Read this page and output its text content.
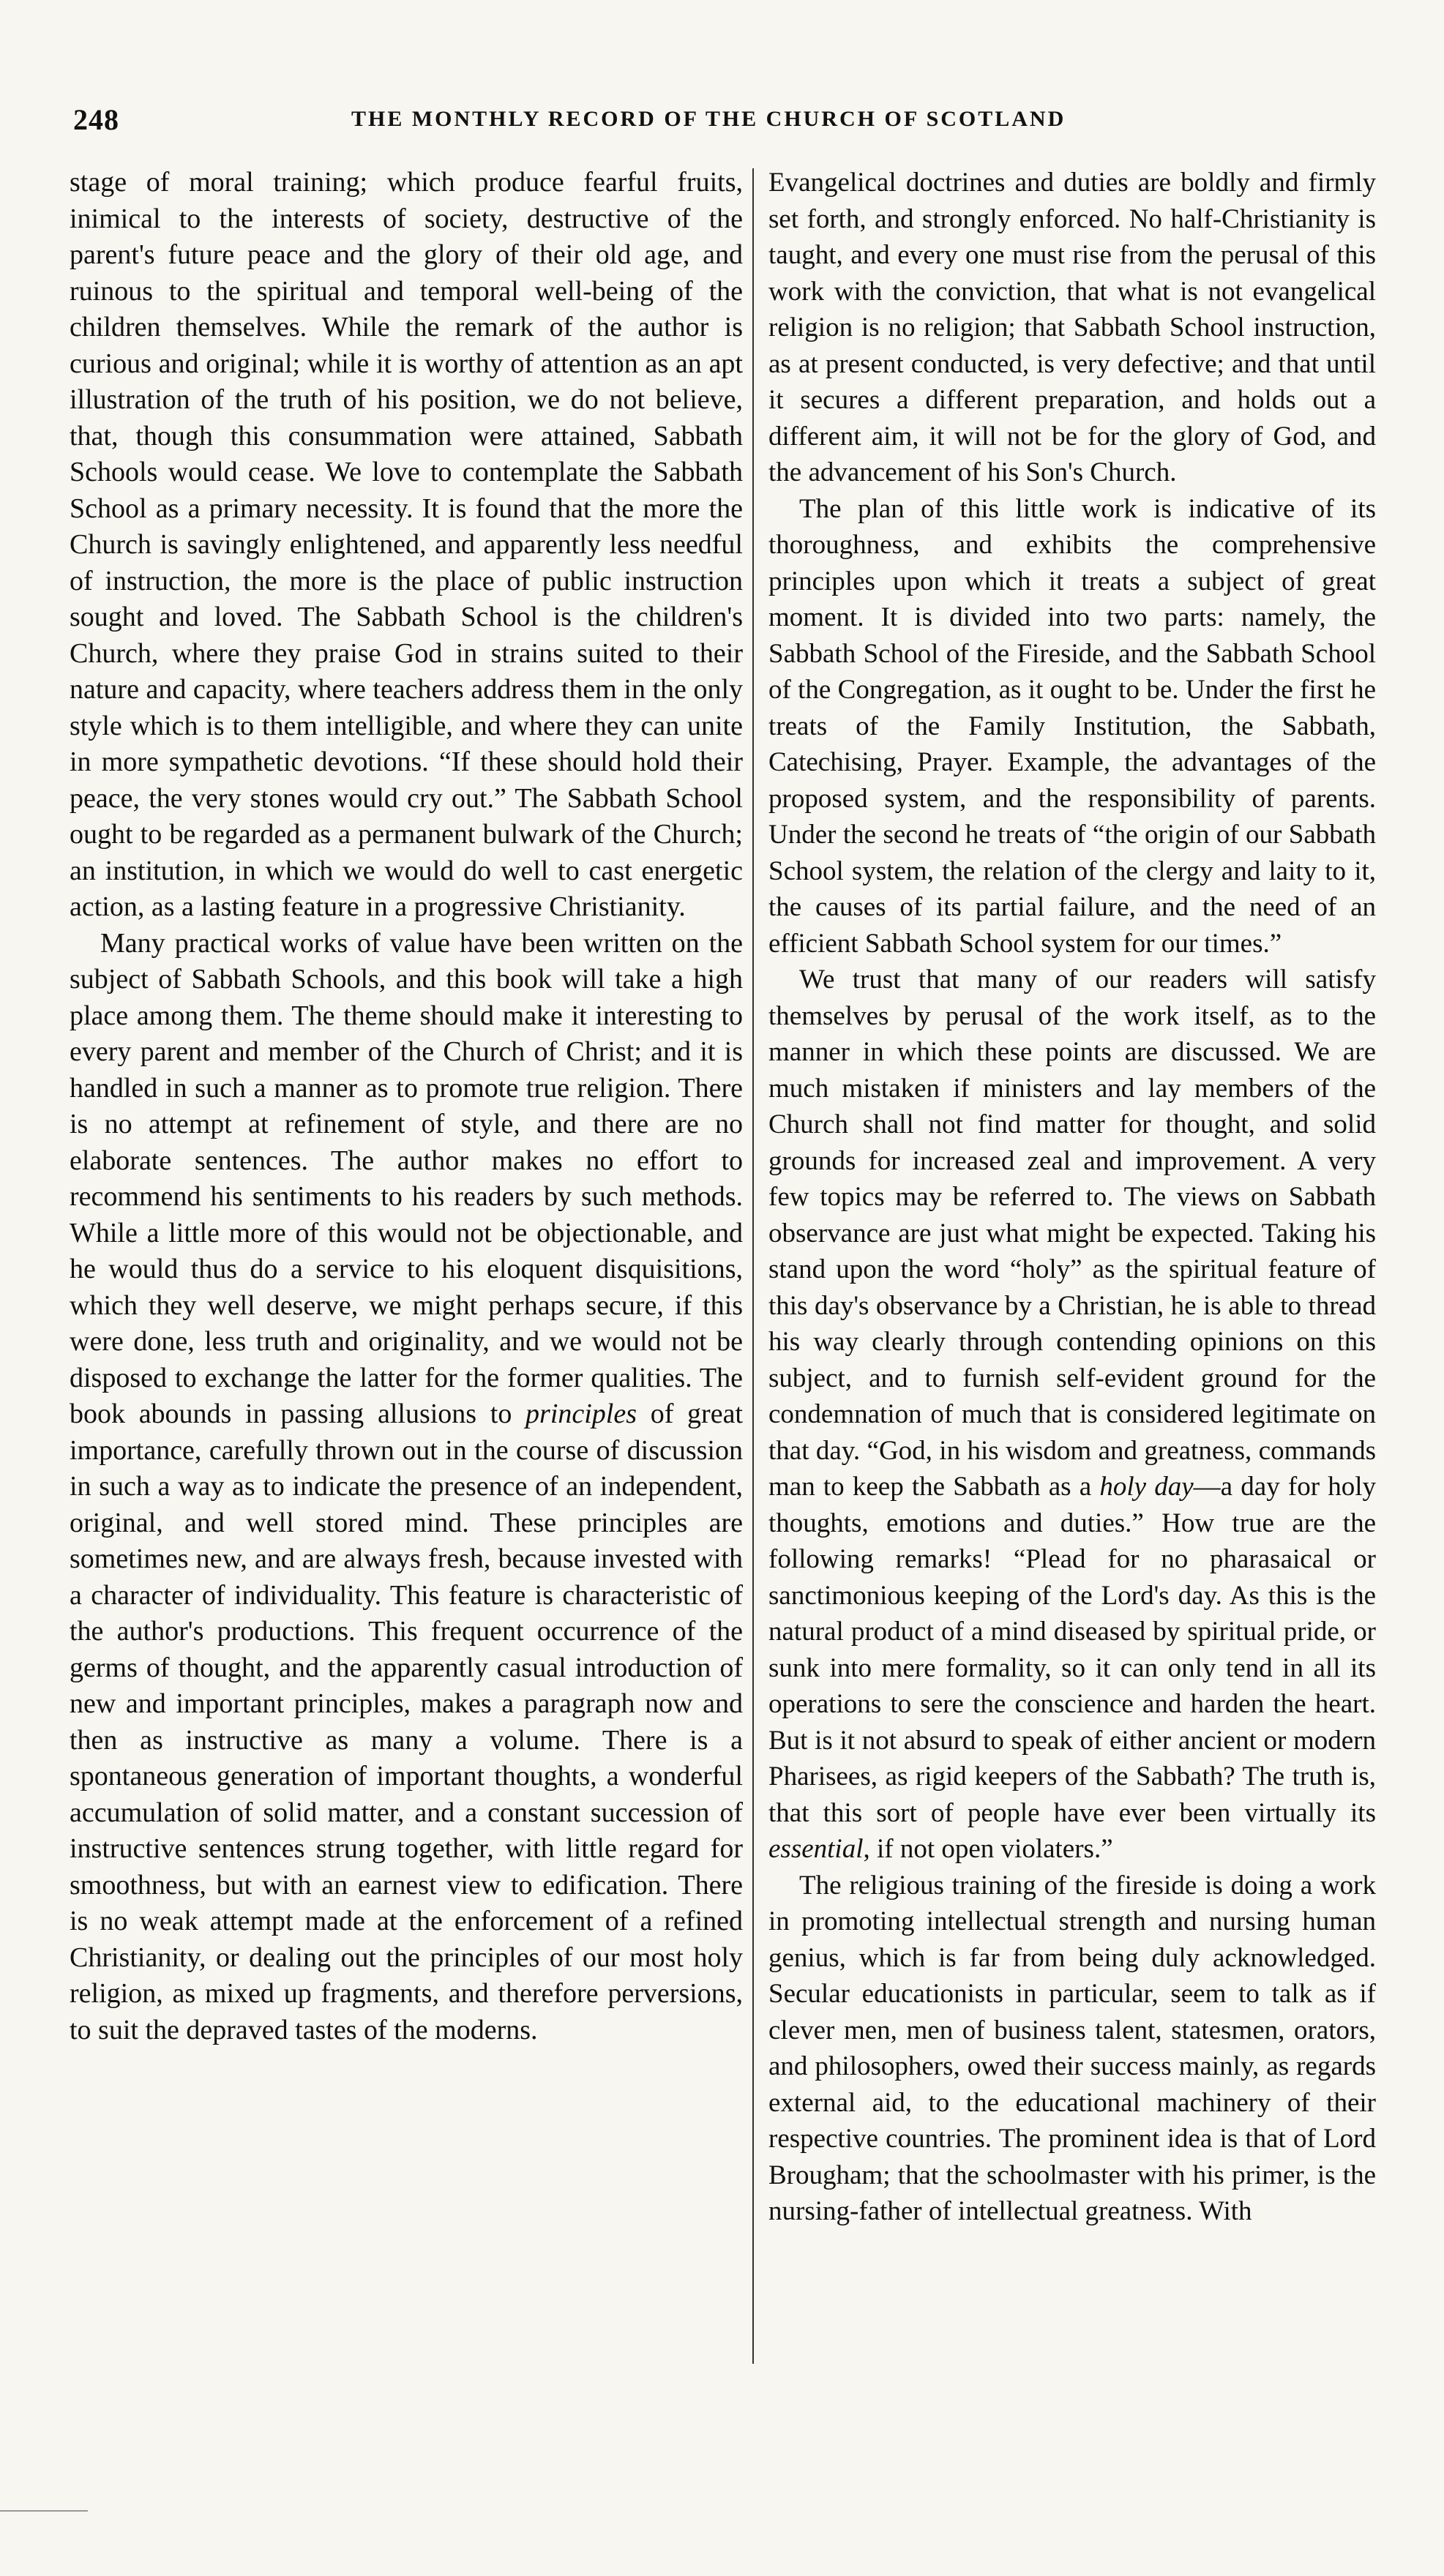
248	THE MONTHLY RECORD OF THE CHURCH OF SCOTLAND

stage of moral training; which produce fearful fruits, inimical to the interests of society, destructive of the parent's future peace and the glory of their old age, and ruinous to the spiritual and temporal well-being of the children themselves. While the remark of the author is curious and original; while it is worthy of attention as an apt illustration of the truth of his position, we do not believe, that, though this consummation were attained, Sabbath Schools would cease. We love to contemplate the Sabbath School as a primary necessity. It is found that the more the Church is savingly enlightened, and apparently less needful of instruction, the more is the place of public instruction sought and loved. The Sabbath School is the children's Church, where they praise God in strains suited to their nature and capacity, where teachers address them in the only style which is to them intelligible, and where they can unite in more sympathetic devotions. “If these should hold their peace, the very stones would cry out.” The Sabbath School ought to be regarded as a permanent bulwark of the Church; an institution, in which we would do well to cast energetic action, as a lasting feature in a progressive Christianity.

Many practical works of value have been written on the subject of Sabbath Schools, and this book will take a high place among them. The theme should make it interesting to every parent and member of the Church of Christ; and it is handled in such a manner as to promote true religion. There is no attempt at refinement of style, and there are no elaborate sentences. The author makes no effort to recommend his sentiments to his readers by such methods. While a little more of this would not be objectionable, and he would thus do a service to his eloquent disquisitions, which they well deserve, we might perhaps secure, if this were done, less truth and originality, and we would not be disposed to exchange the latter for the former qualities. The book abounds in passing allusions to principles of great importance, carefully thrown out in the course of discussion in such a way as to indicate the presence of an independent, original, and well stored mind. These principles are sometimes new, and are always fresh, because invested with a character of individuality. This feature is characteristic of the author's productions. This frequent occurrence of the germs of thought, and the apparently casual introduction of new and important principles, makes a paragraph now and then as instructive as many a volume. There is a spontaneous generation of important thoughts, a wonderful accumulation of solid matter, and a constant succession of instructive sentences strung together, with little regard for smoothness, but with an earnest view to edification. There is no weak attempt made at the enforcement of a refined Christianity, or dealing out the principles of our most holy religion, as mixed up fragments, and therefore perversions, to suit the depraved tastes of the moderns.

Evangelical doctrines and duties are boldly and firmly set forth, and strongly enforced. No half-Christianity is taught, and every one must rise from the perusal of this work with the conviction, that what is not evangelical religion is no religion; that Sabbath School instruction, as at present conducted, is very defective; and that until it secures a different preparation, and holds out a different aim, it will not be for the glory of God, and the advancement of his Son's Church.

The plan of this little work is indicative of its thoroughness, and exhibits the comprehensive principles upon which it treats a subject of great moment. It is divided into two parts: namely, the Sabbath School of the Fireside, and the Sabbath School of the Congregation, as it ought to be. Under the first he treats of the Family Institution, the Sabbath, Catechising, Prayer. Example, the advantages of the proposed system, and the responsibility of parents. Under the second he treats of “the origin of our Sabbath School system, the relation of the clergy and laity to it, the causes of its partial failure, and the need of an efficient Sabbath School system for our times.”

We trust that many of our readers will satisfy themselves by perusal of the work itself, as to the manner in which these points are discussed. We are much mistaken if ministers and lay members of the Church shall not find matter for thought, and solid grounds for increased zeal and improvement. A very few topics may be referred to. The views on Sabbath observance are just what might be expected. Taking his stand upon the word “holy” as the spiritual feature of this day's observance by a Christian, he is able to thread his way clearly through contending opinions on this subject, and to furnish self-evident ground for the condemnation of much that is considered legitimate on that day. “God, in his wisdom and greatness, commands man to keep the Sabbath as a holy day—a day for holy thoughts, emotions and duties.” How true are the following remarks! “Plead for no pharasaical or sanctimonious keeping of the Lord's day. As this is the natural product of a mind diseased by spiritual pride, or sunk into mere formality, so it can only tend in all its operations to sere the conscience and harden the heart. But is it not absurd to speak of either ancient or modern Pharisees, as rigid keepers of the Sabbath? The truth is, that this sort of people have ever been virtually its essential, if not open violaters.”

The religious training of the fireside is doing a work in promoting intellectual strength and nursing human genius, which is far from being duly acknowledged. Secular educationists in particular, seem to talk as if clever men, men of business talent, statesmen, orators, and philosophers, owed their success mainly, as regards external aid, to the educational machinery of their respective countries. The prominent idea is that of Lord Brougham; that the schoolmaster with his primer, is the nursing-father of intellectual greatness. With
